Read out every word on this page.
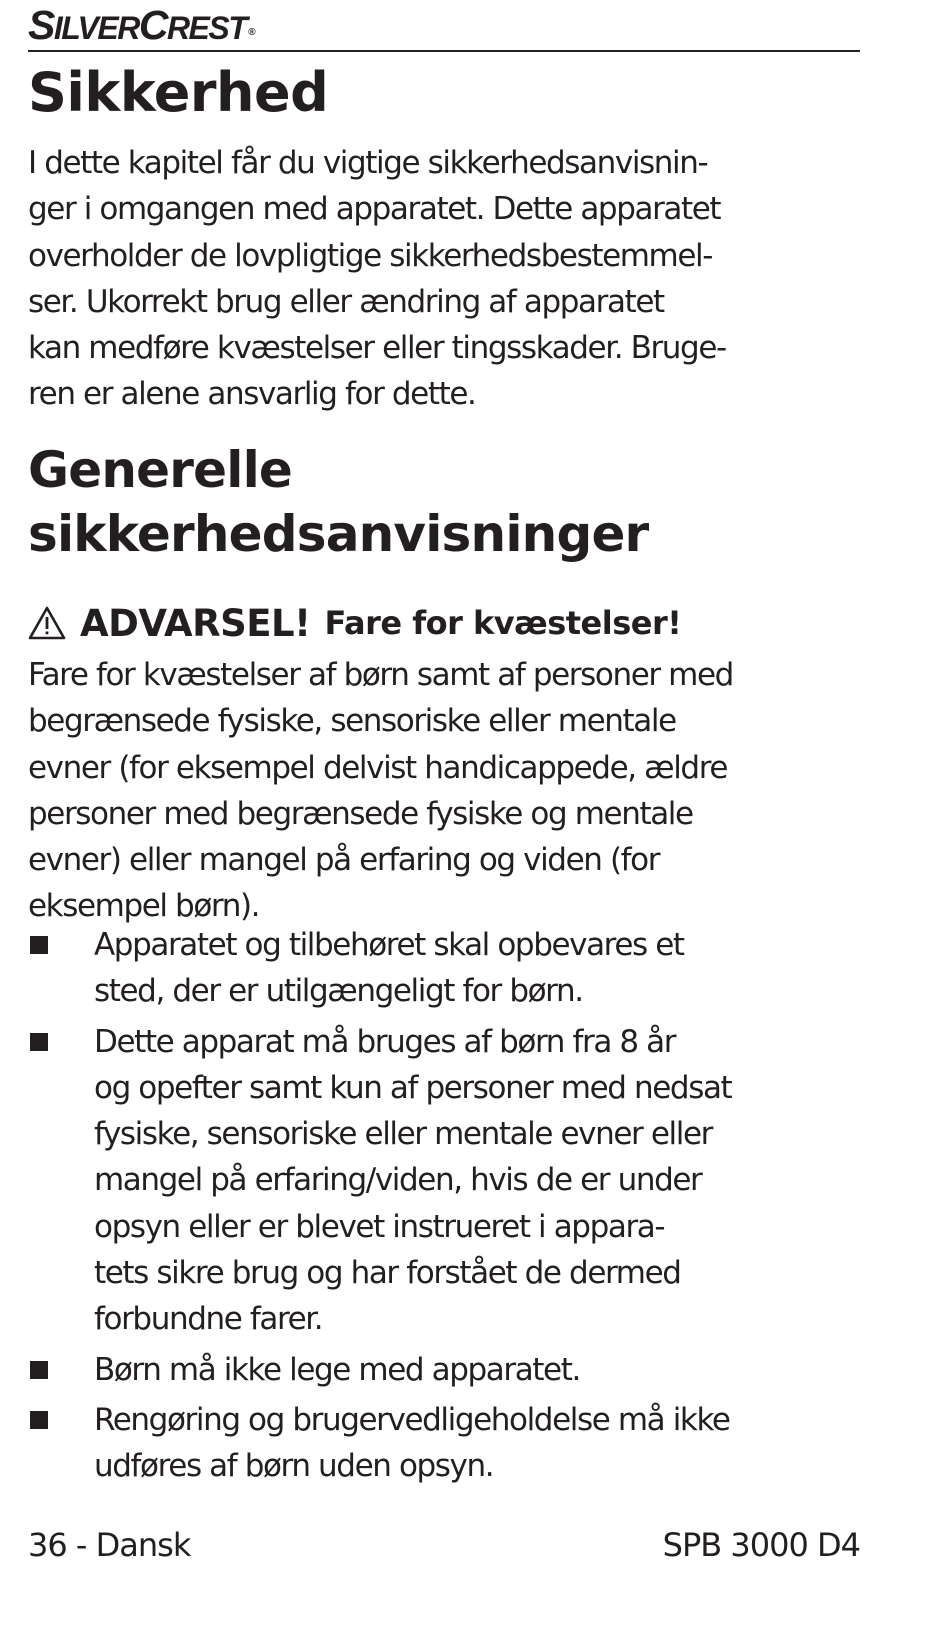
SILVERCREST ®
Sikkerhed

I dette kapitel får du vigtige sikkerhedsanvisnin-
ger i omgangen med apparatet. Dette apparatet
overholder de lovpligtige sikkerhedsbestemmel-
ser. Ukorrekt brug eller ændring af apparatet
kan medføre kvæstelser eller tingsskader. Bruge-
ren er alene ansvarlig for dette.

Generelle
sikkerhedsanvisninger
ADVARSEL! Fare for kvæstelser!

Fare for kvæstelser af børn samt af personer med
begrænsede fysiske, sensoriske eller mentale
evner (for eksempel delvist handicappede, ældre
personer med begrænsede fysiske og mentale
evner) eller mangel på erfaring og viden (for
eksempel børn).

Apparatet og tilbehøret skal opbevares et
sted, der er utilgængeligt for børn.
Dette apparat må bruges af børn fra 8 år
og opefter samt kun af personer med nedsat
fysiske, sensoriske eller mentale evner eller
mangel på erfaring/viden, hvis de er under
opsyn eller er blevet instrueret i appara-
tets sikre brug og har forstået de dermed
forbundne farer.
Børn må ikke lege med apparatet.
Rengøring og brugervedligeholdelse må ikke
udføres af børn uden opsyn.
36 - Dansk	SPB 3000 D4
